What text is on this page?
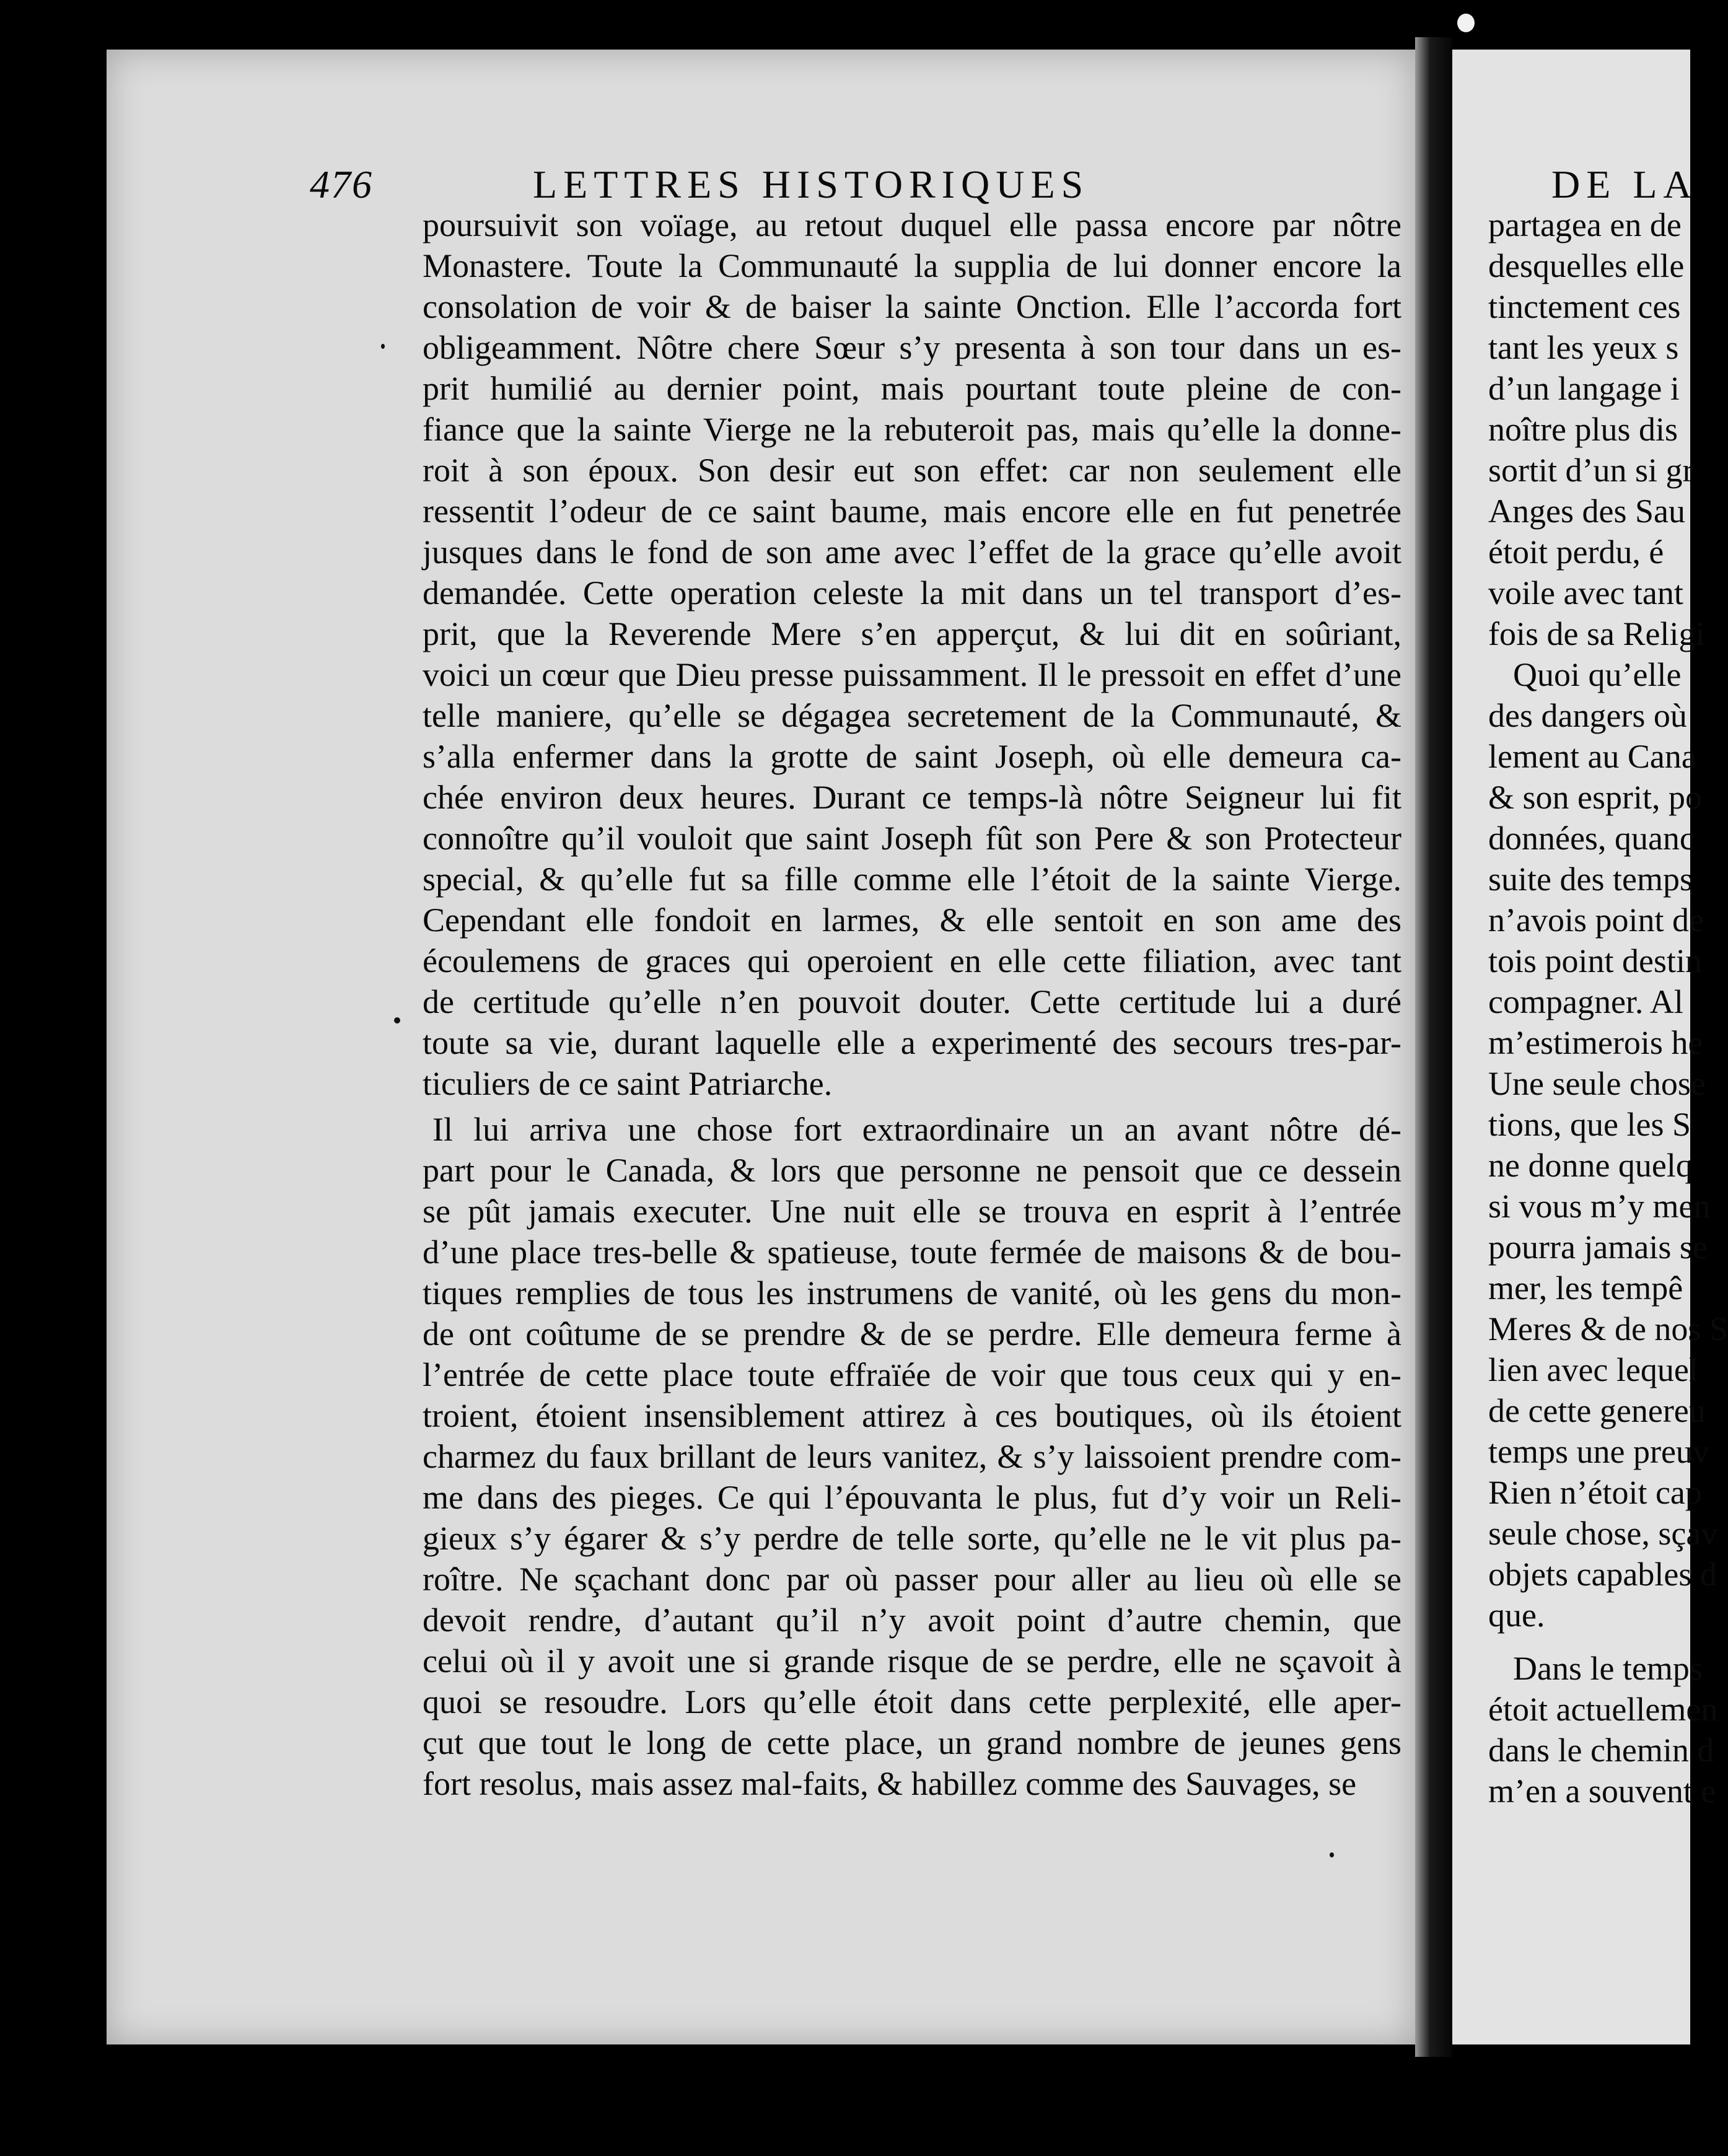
DE LA
partagea en de
desquelles elle
tinctement ces
tant les yeux s
d’un langage i
noître plus dis
sortit d’un si gr
Anges des Sau
étoit perdu, é
voile avec tant
fois de sa Religi
Quoi qu’elle
des dangers où
lement au Cana
& son esprit, po
données, quanc
suite des temps
n’avois point de
tois point destin
compagner. Al
m’estimerois he
Une seule chose
tions, que les S
ne donne quelq
si vous m’y men
pourra jamais se
mer, les tempê
Meres & de nos S
lien avec lequel
de cette genereu
temps une preuv
Rien n’étoit cap
seule chose, sçav
objets capables d
que.
Dans le temps
étoit actuellemen
dans le chemin d
m’en a souvent e
476	LETTRES HISTORIQUES
poursuivit son voïage, au retout duquel elle passa encore par nôtre
Monastere. Toute la Communauté la supplia de lui donner encore la
consolation de voir & de baiser la sainte Onction. Elle l’accorda fort
obligeamment. Nôtre chere Sœur s’y presenta à son tour dans un es-
prit humilié au dernier point, mais pourtant toute pleine de con-
fiance que la sainte Vierge ne la rebuteroit pas, mais qu’elle la donne-
roit à son époux. Son desir eut son effet: car non seulement elle
ressentit l’odeur de ce saint baume, mais encore elle en fut penetrée
jusques dans le fond de son ame avec l’effet de la grace qu’elle avoit
demandée. Cette operation celeste la mit dans un tel transport d’es-
prit, que la Reverende Mere s’en apperçut, & lui dit en soûriant,
voici un cœur que Dieu presse puissamment. Il le pressoit en effet d’une
telle maniere, qu’elle se dégagea secretement de la Communauté, &
s’alla enfermer dans la grotte de saint Joseph, où elle demeura ca-
chée environ deux heures. Durant ce temps-là nôtre Seigneur lui fit
connoître qu’il vouloit que saint Joseph fût son Pere & son Protecteur
special, & qu’elle fut sa fille comme elle l’étoit de la sainte Vierge.
Cependant elle fondoit en larmes, & elle sentoit en son ame des
écoulemens de graces qui operoient en elle cette filiation, avec tant
de certitude qu’elle n’en pouvoit douter. Cette certitude lui a duré
toute sa vie, durant laquelle elle a experimenté des secours tres-par-
ticuliers de ce saint Patriarche.
Il lui arriva une chose fort extraordinaire un an avant nôtre dé-
part pour le Canada, & lors que personne ne pensoit que ce dessein
se pût jamais executer. Une nuit elle se trouva en esprit à l’entrée
d’une place tres-belle & spatieuse, toute fermée de maisons & de bou-
tiques remplies de tous les instrumens de vanité, où les gens du mon-
de ont coûtume de se prendre & de se perdre. Elle demeura ferme à
l’entrée de cette place toute effraïée de voir que tous ceux qui y en-
troient, étoient insensiblement attirez à ces boutiques, où ils étoient
charmez du faux brillant de leurs vanitez, & s’y laissoient prendre com-
me dans des pieges. Ce qui l’épouvanta le plus, fut d’y voir un Reli-
gieux s’y égarer & s’y perdre de telle sorte, qu’elle ne le vit plus pa-
roître. Ne sçachant donc par où passer pour aller au lieu où elle se
devoit rendre, d’autant qu’il n’y avoit point d’autre chemin, que
celui où il y avoit une si grande risque de se perdre, elle ne sçavoit à
quoi se resoudre. Lors qu’elle étoit dans cette perplexité, elle aper-
çut que tout le long de cette place, un grand nombre de jeunes gens
fort resolus, mais assez mal-faits, & habillez comme des Sauvages, se
